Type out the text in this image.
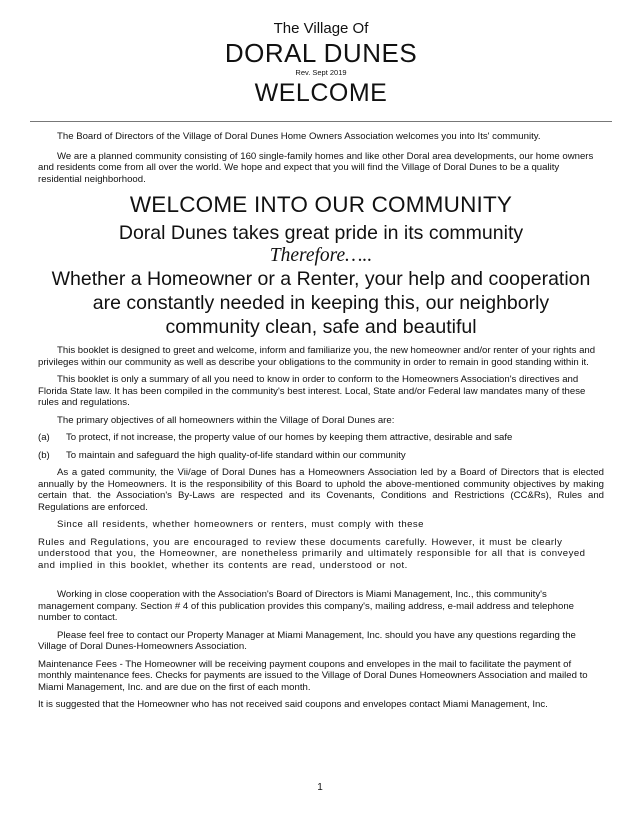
The Village Of

DORAL DUNES

Rev. Sept 2019

WELCOME

The Board of Directors of the Village of Doral Dunes Home Owners Association welcomes you into Its' community.

We are a planned community consisting of 160 single-family homes and like other Doral area developments, our home owners and residents come from all over the world. We hope and expect that you will find the Village of Doral Dunes to be a quality residential neighborhood.

WELCOME INTO OUR COMMUNITY

Doral Dunes takes great pride in its community

Therefore…..

Whether a Homeowner or a Renter, your help and cooperation

are constantly needed in keeping this, our neighborly

community clean, safe and beautiful

This booklet is designed to greet and welcome, inform and familiarize you, the new homeowner and/or renter of your rights and privileges within our community as well as describe your obligations to the community in order to remain in good standing within it.

This booklet is only a summary of all you need to know in order to conform to the Homeowners Association's directives and Florida State law. It has been compiled in the community's best interest. Local, State and/or Federal law mandates many of these rules and regulations.

The primary objectives of all homeowners within the Village of Doral Dunes are:

(a)	To protect, if not increase, the property value of our homes by keeping them attractive, desirable and safe
(b)	To maintain and safeguard the high quality-of-life standard within our community

As a gated community, the Vii/age of Doral Dunes has a Homeowners Association led by a Board of Directors that is elected annually by the Homeowners. It is the responsibility of this Board to uphold the above-mentioned community objectives by making certain that. the Association's By-Laws are respected and its Covenants, Conditions and Restrictions (CC&Rs), Rules and Regulations are enforced.

Since all residents, whether homeowners or renters, must comply with these

Rules and Regulations, you are encouraged to review these documents carefully. However, it must be clearly understood that you, the Homeowner, are nonetheless primarily and ultimately responsible for all that is conveyed and implied in this booklet, whether its contents are read, understood or not.

Working in close cooperation with the Association's Board of Directors is Miami Management, Inc., this community's management company. Section # 4 of this publication provides this company's, mailing address, e-mail address and telephone number to contact.

Please feel free to contact our Property Manager at Miami Management, Inc. should you have any questions regarding the Village of Doral Dunes-Homeowners Association.

Maintenance Fees - The Homeowner will be receiving payment coupons and envelopes in the mail to facilitate the payment of monthly maintenance fees. Checks for payments are issued to the Village of Doral Dunes Homeowners Association and mailed to Miami Management, Inc. and are due on the first of each month.

It is suggested that the Homeowner who has not received said coupons and envelopes contact Miami Management, Inc.

1
